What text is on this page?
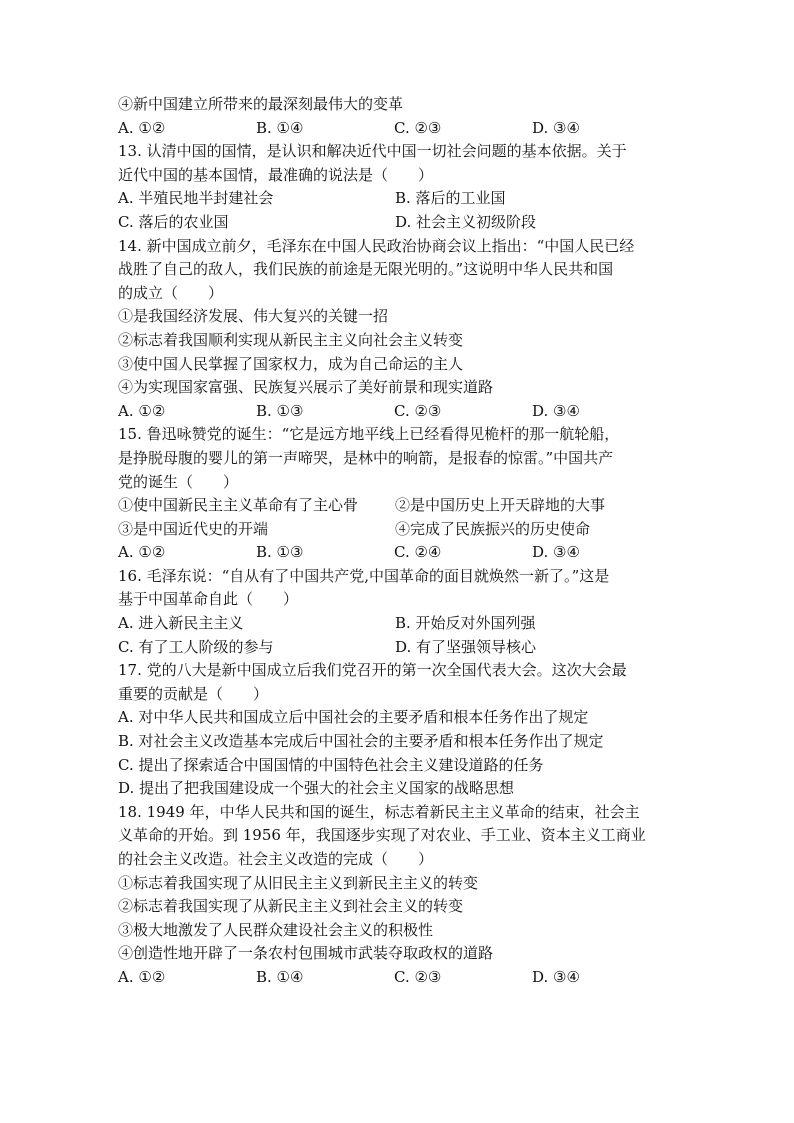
④新中国建立所带来的最深刻最伟大的变革
A. ①②	B. ①④	C. ②③	D. ③④
13. 认清中国的国情，是认识和解决近代中国一切社会问题的基本依据。关于
近代中国的基本国情，最准确的说法是（　　）
A. 半殖民地半封建社会	B. 落后的工业国
C. 落后的农业国	D. 社会主义初级阶段
14. 新中国成立前夕，毛泽东在中国人民政治协商会议上指出：“中国人民已经
战胜了自己的敌人，我们民族的前途是无限光明的。”这说明中华人民共和国
的成立（　　）
①是我国经济发展、伟大复兴的关键一招
②标志着我国顺利实现从新民主主义向社会主义转变
③使中国人民掌握了国家权力，成为自己命运的主人
④为实现国家富强、民族复兴展示了美好前景和现实道路
A. ①②	B. ①③	C. ②③	D. ③④
15. 鲁迅咏赞党的诞生：“它是远方地平线上已经看得见桅杆的那一航轮船，
是挣脱母腹的婴儿的第一声啼哭，是林中的响箭，是报春的惊雷。”中国共产
党的诞生（　　）
①使中国新民主主义革命有了主心骨	②是中国历史上开天辟地的大事
③是中国近代史的开端	④完成了民族振兴的历史使命
A. ①②	B. ①③	C. ②④	D. ③④
16. 毛泽东说：“自从有了中国共产党,中国革命的面目就焕然一新了。”这是
基于中国革命自此（　　）
A. 进入新民主主义	B. 开始反对外国列强
C. 有了工人阶级的参与	D. 有了坚强领导核心
17. 党的八大是新中国成立后我们党召开的第一次全国代表大会。这次大会最
重要的贡献是（　　）
A. 对中华人民共和国成立后中国社会的主要矛盾和根本任务作出了规定
B. 对社会主义改造基本完成后中国社会的主要矛盾和根本任务作出了规定
C. 提出了探索适合中国国情的中国特色社会主义建设道路的任务
D. 提出了把我国建设成一个强大的社会主义国家的战略思想
18. 1949 年，中华人民共和国的诞生，标志着新民主主义革命的结束，社会主
义革命的开始。到 1956 年，我国逐步实现了对农业、手工业、资本主义工商业
的社会主义改造。社会主义改造的完成（　　）
①标志着我国实现了从旧民主主义到新民主主义的转变
②标志着我国实现了从新民主主义到社会主义的转变
③极大地激发了人民群众建设社会主义的积极性
④创造性地开辟了一条农村包围城市武装夺取政权的道路
A. ①②	B. ①④	C. ②③	D. ③④
